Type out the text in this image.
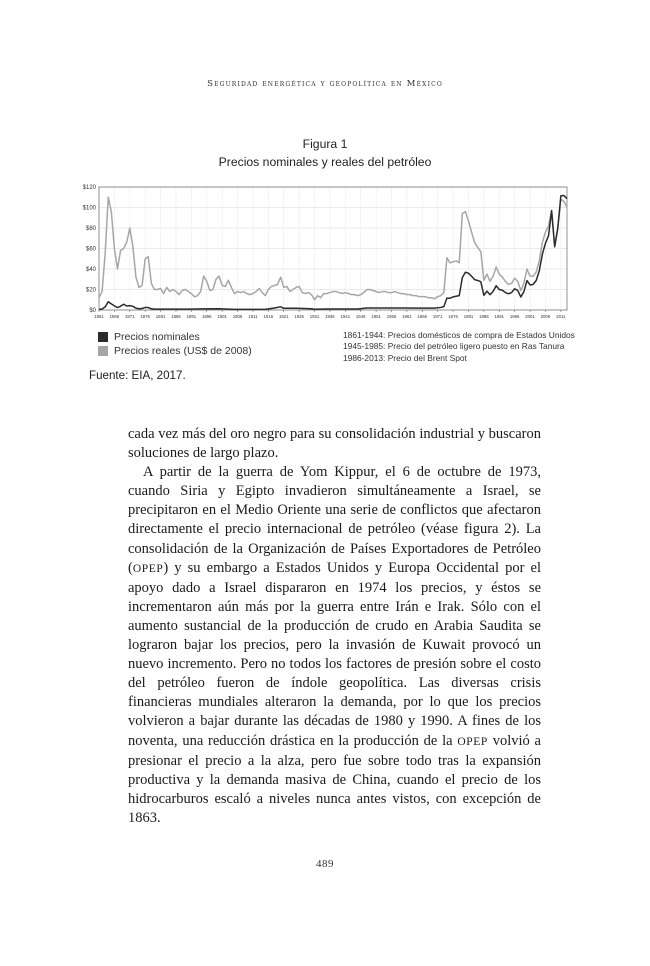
Seguridad energética y geopolítica en México
Figura 1
Precios nominales y reales del petróleo
$0
$20
$40
$60
$80
$100
$120
1861 1866 1871 1876 1881 1886 1891 1896 1901 1906 1911 1916 1921 1926 1931 1936 1941 1946 1951 1956 1961 1966 1971 1976 1981 1986 1991 1996 2001 2006 2011
Precios nominales
Precios reales (US$ de 2008)
1861-1944: Precios domésticos de compra de Estados Unidos
1945-1985: Precio del petróleo ligero puesto en Ras Tanura
1986-2013: Precio del Brent Spot
Fuente: EIA, 2017.

cada vez más del oro negro para su consolidación industrial y buscaron soluciones de largo plazo.

A partir de la guerra de Yom Kippur, el 6 de octubre de 1973, cuando Siria y Egipto invadieron simultáneamente a Israel, se precipitaron en el Medio Oriente una serie de conflictos que afectaron directamente el precio internacional de petróleo (véase figura 2). La consolidación de la Organización de Países Exportadores de Petróleo (OPEP) y su embargo a Estados Unidos y Europa Occidental por el apoyo dado a Israel dispararon en 1974 los precios, y éstos se incrementaron aún más por la guerra entre Irán e Irak. Sólo con el aumento sustancial de la producción de crudo en Arabia Saudita se lograron bajar los precios, pero la invasión de Kuwait provocó un nuevo incremento. Pero no todos los factores de presión sobre el costo del petróleo fueron de índole geopolítica. Las diversas crisis financieras mundiales alteraron la demanda, por lo que los precios volvieron a bajar durante las décadas de 1980 y 1990. A fines de los noventa, una reducción drástica en la producción de la OPEP volvió a presionar el precio a la alza, pero fue sobre todo tras la expansión productiva y la demanda masiva de China, cuando el precio de los hidrocarburos escaló a niveles nunca antes vistos, con excepción de 1863.

489
